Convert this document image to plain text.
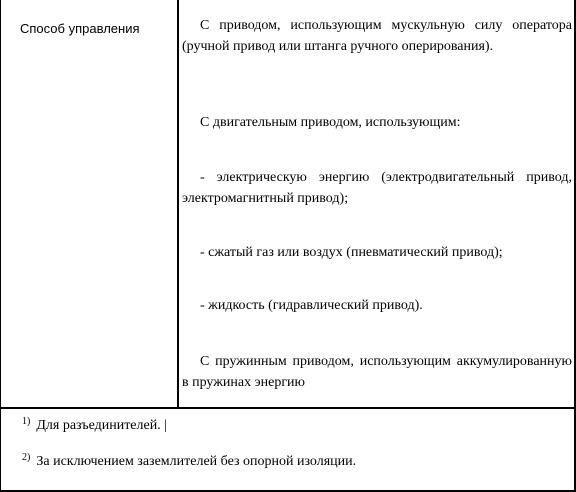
Способ управления	С приводом, использующим мускульную силу оператора (ручной привод или штанга ручного оперирования).
С двигательным приводом, использующим:
- электрическую энергию (электродвигательный привод, электромагнитный привод);
- сжатый газ или воздух (пневматический привод);
- жидкость (гидравлический привод).
С пружинным приводом, использующим аккумулированную в пружинах энергию
$^{1)}$ Для разъединителей. |
$^{2)}$ За исключением заземлителей без опорной изоляции.
